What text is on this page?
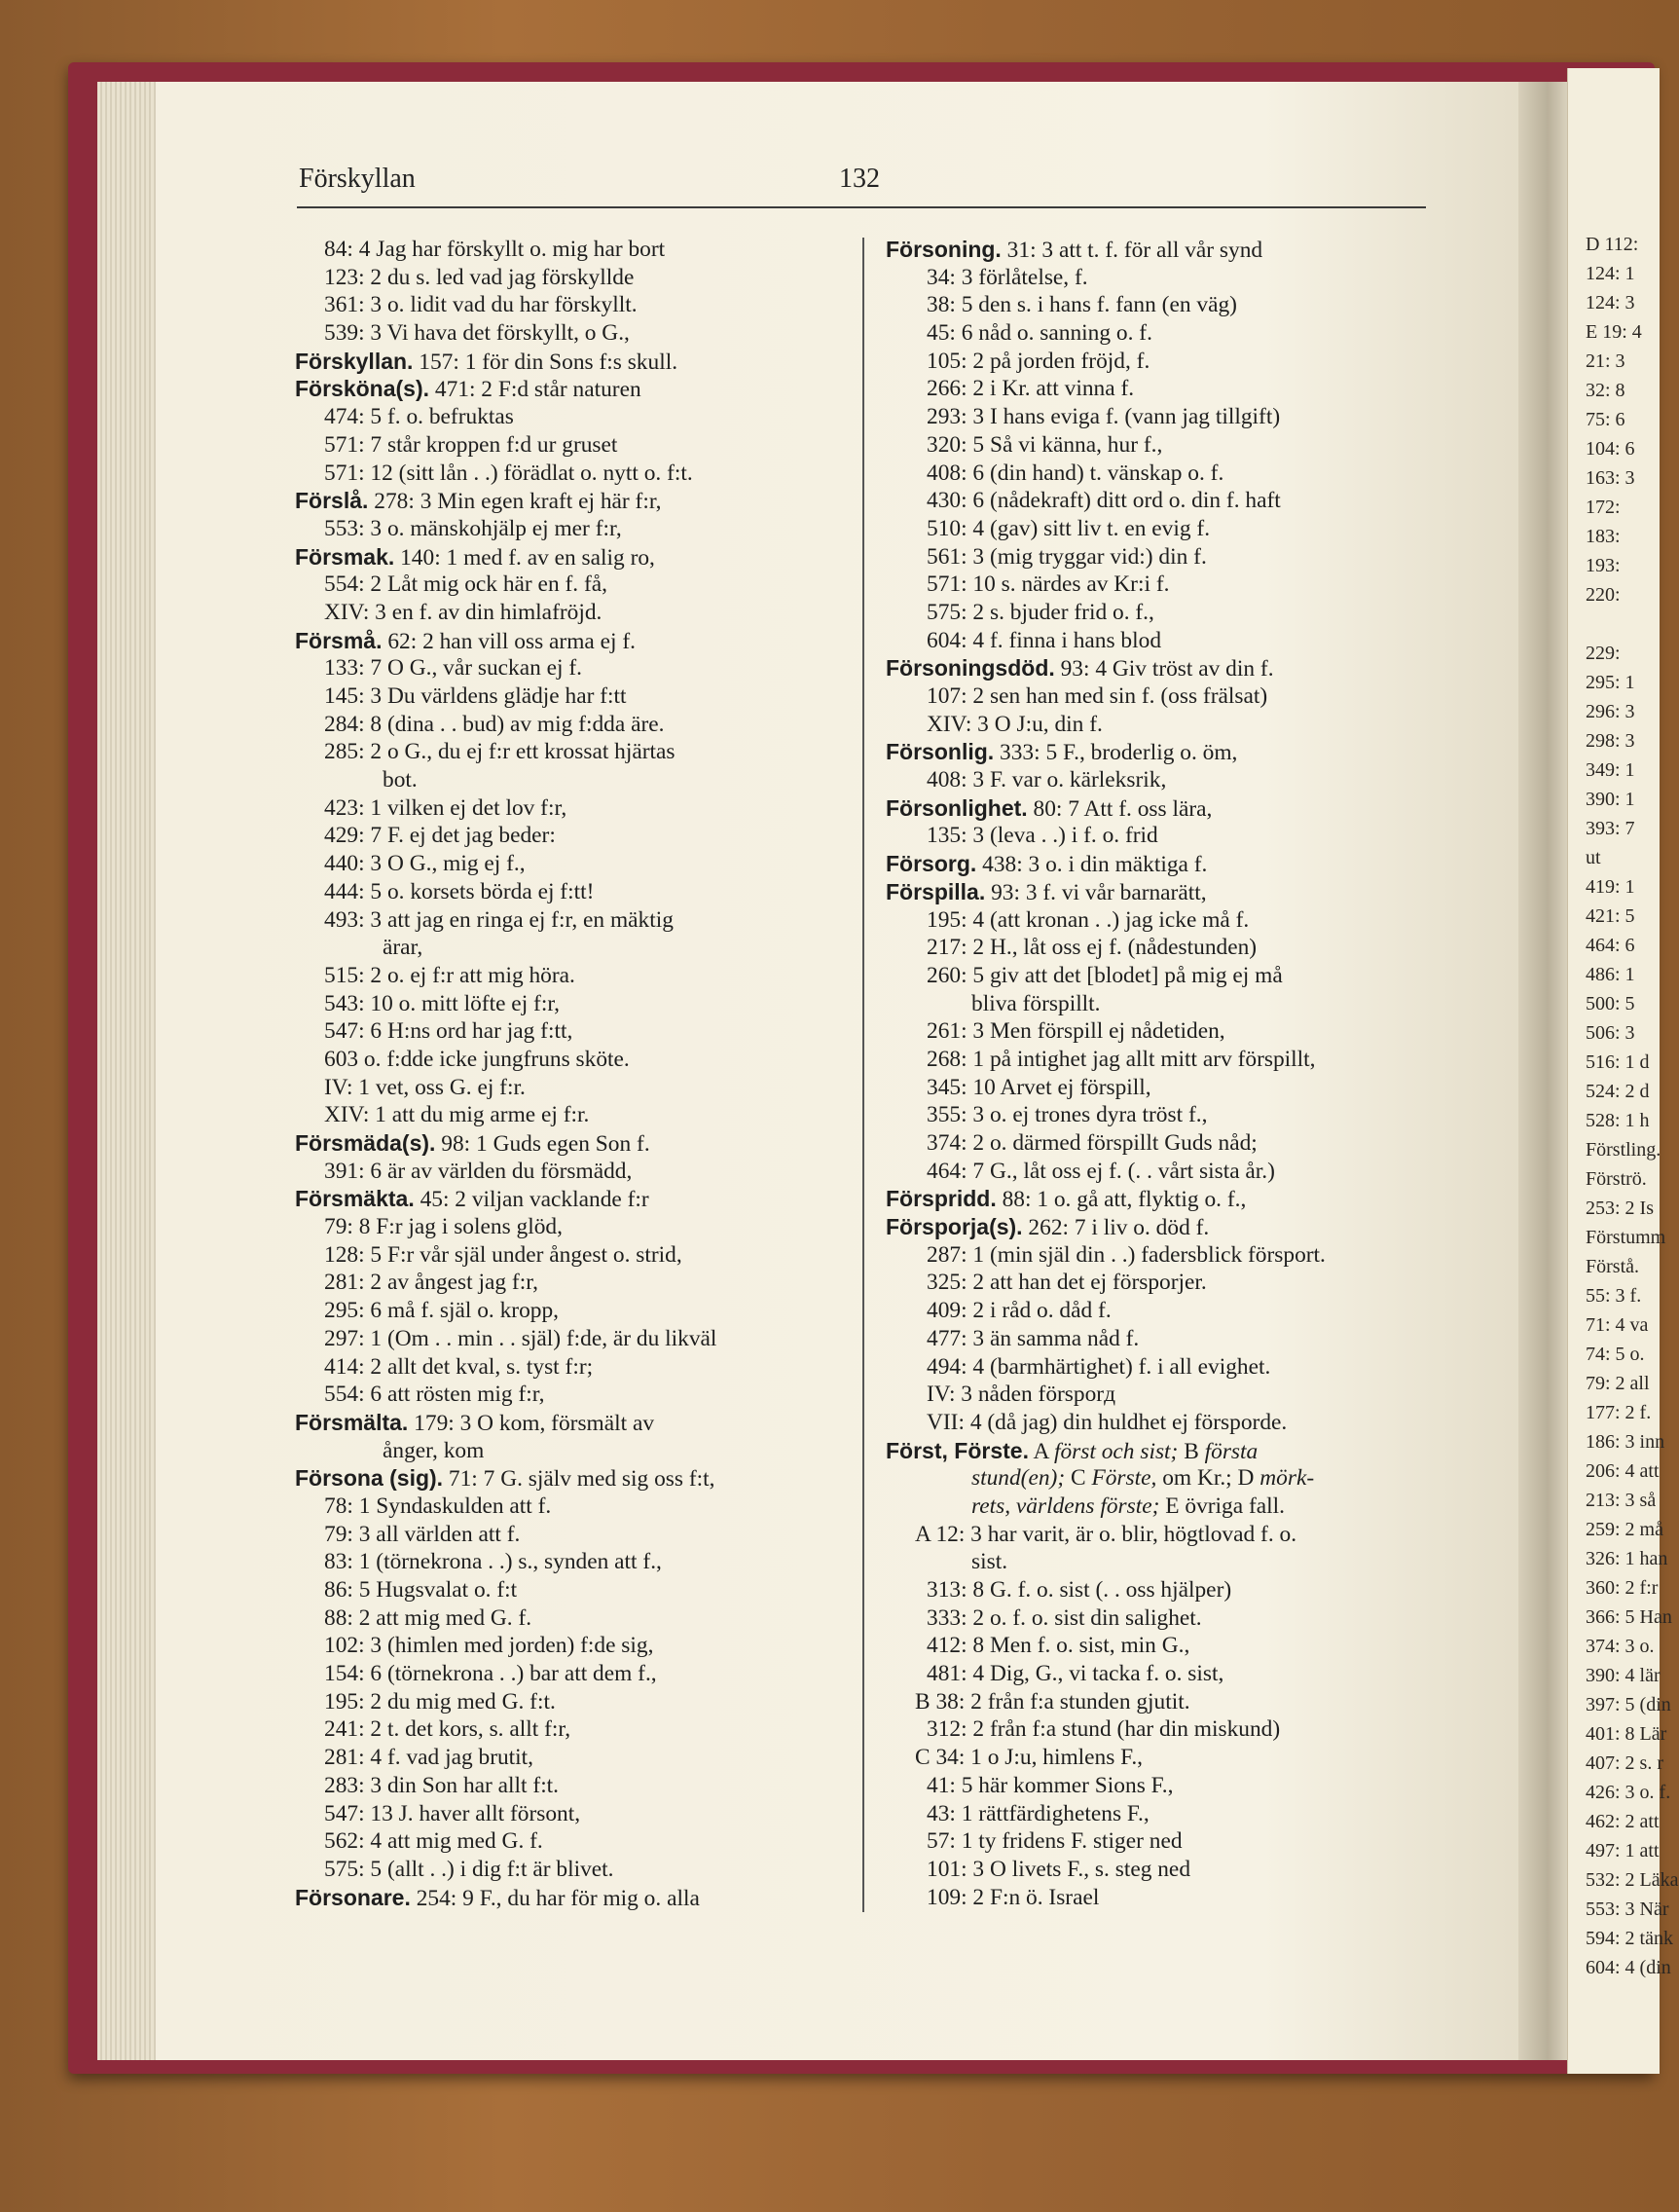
D 112:
124: 1
124: 3
E 19: 4
21: 3
32: 8
75: 6
104: 6
163: 3
172:
183:
193:
220:
229:
295: 1
296: 3
298: 3
349: 1
390: 1
393: 7
ut
419: 1
421: 5
464: 6
486: 1
500: 5
506: 3
516: 1 d
524: 2 d
528: 1 h
Förstling.
Förströ.
253: 2 Is
Förstumm
Förstå.
55: 3 f.
71: 4 va
74: 5 o.
79: 2 all
177: 2 f.
186: 3 inn
206: 4 att
213: 3 så
259: 2 må
326: 1 han
360: 2 f:r
366: 5 Han
374: 3 o.
390: 4 lär
397: 5 (din
401: 8 Lär
407: 2 s. r
426: 3 o. f.
462: 2 att
497: 1 att
532: 2 Läka
553: 3 När
594: 2 tänk
604: 4 (din
Förskyllan	132
84: 4 Jag har förskyllt o. mig har bort
123: 2 du s. led vad jag förskyllde
361: 3 o. lidit vad du har förskyllt.
539: 3 Vi hava det förskyllt, o G.,
Förskyllan. 157: 1 för din Sons f:s skull.
Försköna(s). 471: 2 F:d står naturen
474: 5 f. o. befruktas
571: 7 står kroppen f:d ur gruset
571: 12 (sitt lån . .) förädlat o. nytt o. f:t.
Förslå. 278: 3 Min egen kraft ej här f:r,
553: 3 o. mänskohjälp ej mer f:r,
Försmak. 140: 1 med f. av en salig ro,
554: 2 Låt mig ock här en f. få,
XIV: 3 en f. av din himlafröjd.
Försmå. 62: 2 han vill oss arma ej f.
133: 7 O G., vår suckan ej f.
145: 3 Du världens glädje har f:tt
284: 8 (dina . . bud) av mig f:dda äre.
285: 2 o G., du ej f:r ett krossat hjärtas
bot.
423: 1 vilken ej det lov f:r,
429: 7 F. ej det jag beder:
440: 3 O G., mig ej f.,
444: 5 o. korsets börda ej f:tt!
493: 3 att jag en ringa ej f:r, en mäktig
ärar,
515: 2 o. ej f:r att mig höra.
543: 10 o. mitt löfte ej f:r,
547: 6 H:ns ord har jag f:tt,
603 o. f:dde icke jungfruns sköte.
IV: 1 vet, oss G. ej f:r.
XIV: 1 att du mig arme ej f:r.
Försmäda(s). 98: 1 Guds egen Son f.
391: 6 är av världen du försmädd,
Försmäkta. 45: 2 viljan vacklande f:r
79: 8 F:r jag i solens glöd,
128: 5 F:r vår själ under ångest o. strid,
281: 2 av ångest jag f:r,
295: 6 må f. själ o. kropp,
297: 1 (Om . . min . . själ) f:de, är du likväl
414: 2 allt det kval, s. tyst f:r;
554: 6 att rösten mig f:r,
Försmälta. 179: 3 O kom, försmält av
ånger, kom
Försona (sig). 71: 7 G. själv med sig oss f:t,
78: 1 Syndaskulden att f.
79: 3 all världen att f.
83: 1 (törnekrona . .) s., synden att f.,
86: 5 Hugsvalat o. f:t
88: 2 att mig med G. f.
102: 3 (himlen med jorden) f:de sig,
154: 6 (törnekrona . .) bar att dem f.,
195: 2 du mig med G. f:t.
241: 2 t. det kors, s. allt f:r,
281: 4 f. vad jag brutit,
283: 3 din Son har allt f:t.
547: 13 J. haver allt försont,
562: 4 att mig med G. f.
575: 5 (allt . .) i dig f:t är blivet.
Försonare. 254: 9 F., du har för mig o. alla
Försoning. 31: 3 att t. f. för all vår synd
34: 3 förlåtelse, f.
38: 5 den s. i hans f. fann (en väg)
45: 6 nåd o. sanning o. f.
105: 2 på jorden fröjd, f.
266: 2 i Kr. att vinna f.
293: 3 I hans eviga f. (vann jag tillgift)
320: 5 Så vi känna, hur f.,
408: 6 (din hand) t. vänskap o. f.
430: 6 (nådekraft) ditt ord o. din f. haft
510: 4 (gav) sitt liv t. en evig f.
561: 3 (mig tryggar vid:) din f.
571: 10 s. närdes av Kr:i f.
575: 2 s. bjuder frid o. f.,
604: 4 f. finna i hans blod
Försoningsdöd. 93: 4 Giv tröst av din f.
107: 2 sen han med sin f. (oss frälsat)
XIV: 3 O J:u, din f.
Försonlig. 333: 5 F., broderlig o. öm,
408: 3 F. var o. kärleksrik,
Försonlighet. 80: 7 Att f. oss lära,
135: 3 (leva . .) i f. o. frid
Försorg. 438: 3 o. i din mäktiga f.
Förspilla. 93: 3 f. vi vår barnarätt,
195: 4 (att kronan . .) jag icke må f.
217: 2 H., låt oss ej f. (nådestunden)
260: 5 giv att det [blodet] på mig ej må
bliva förspillt.
261: 3 Men förspill ej nådetiden,
268: 1 på intighet jag allt mitt arv förspillt,
345: 10 Arvet ej förspill,
355: 3 o. ej trones dyra tröst f.,
374: 2 o. därmed förspillt Guds nåd;
464: 7 G., låt oss ej f. (. . vårt sista år.)
Förspridd. 88: 1 o. gå att, flyktig o. f.,
Försporja(s). 262: 7 i liv o. död f.
287: 1 (min själ din . .) fadersblick försport.
325: 2 att han det ej försporjer.
409: 2 i råd o. dåd f.
477: 3 än samma nåd f.
494: 4 (barmhärtighet) f. i all evighet.
IV: 3 nåden försporд
VII: 4 (då jag) din huldhet ej försporde.
Först, Förste. A först och sist; B första
stund(en); C Förste, om Kr.; D mörk-
rets, världens förste; E övriga fall.
A 12: 3 har varit, är o. blir, högtlovad f. o.
sist.
313: 8 G. f. o. sist (. . oss hjälper)
333: 2 o. f. o. sist din salighet.
412: 8 Men f. o. sist, min G.,
481: 4 Dig, G., vi tacka f. o. sist,
B 38: 2 från f:a stunden gjutit.
312: 2 från f:a stund (har din miskund)
C 34: 1 o J:u, himlens F.,
41: 5 här kommer Sions F.,
43: 1 rättfärdighetens F.,
57: 1 ty fridens F. stiger ned
101: 3 O livets F., s. steg ned
109: 2 F:n ö. Israel
